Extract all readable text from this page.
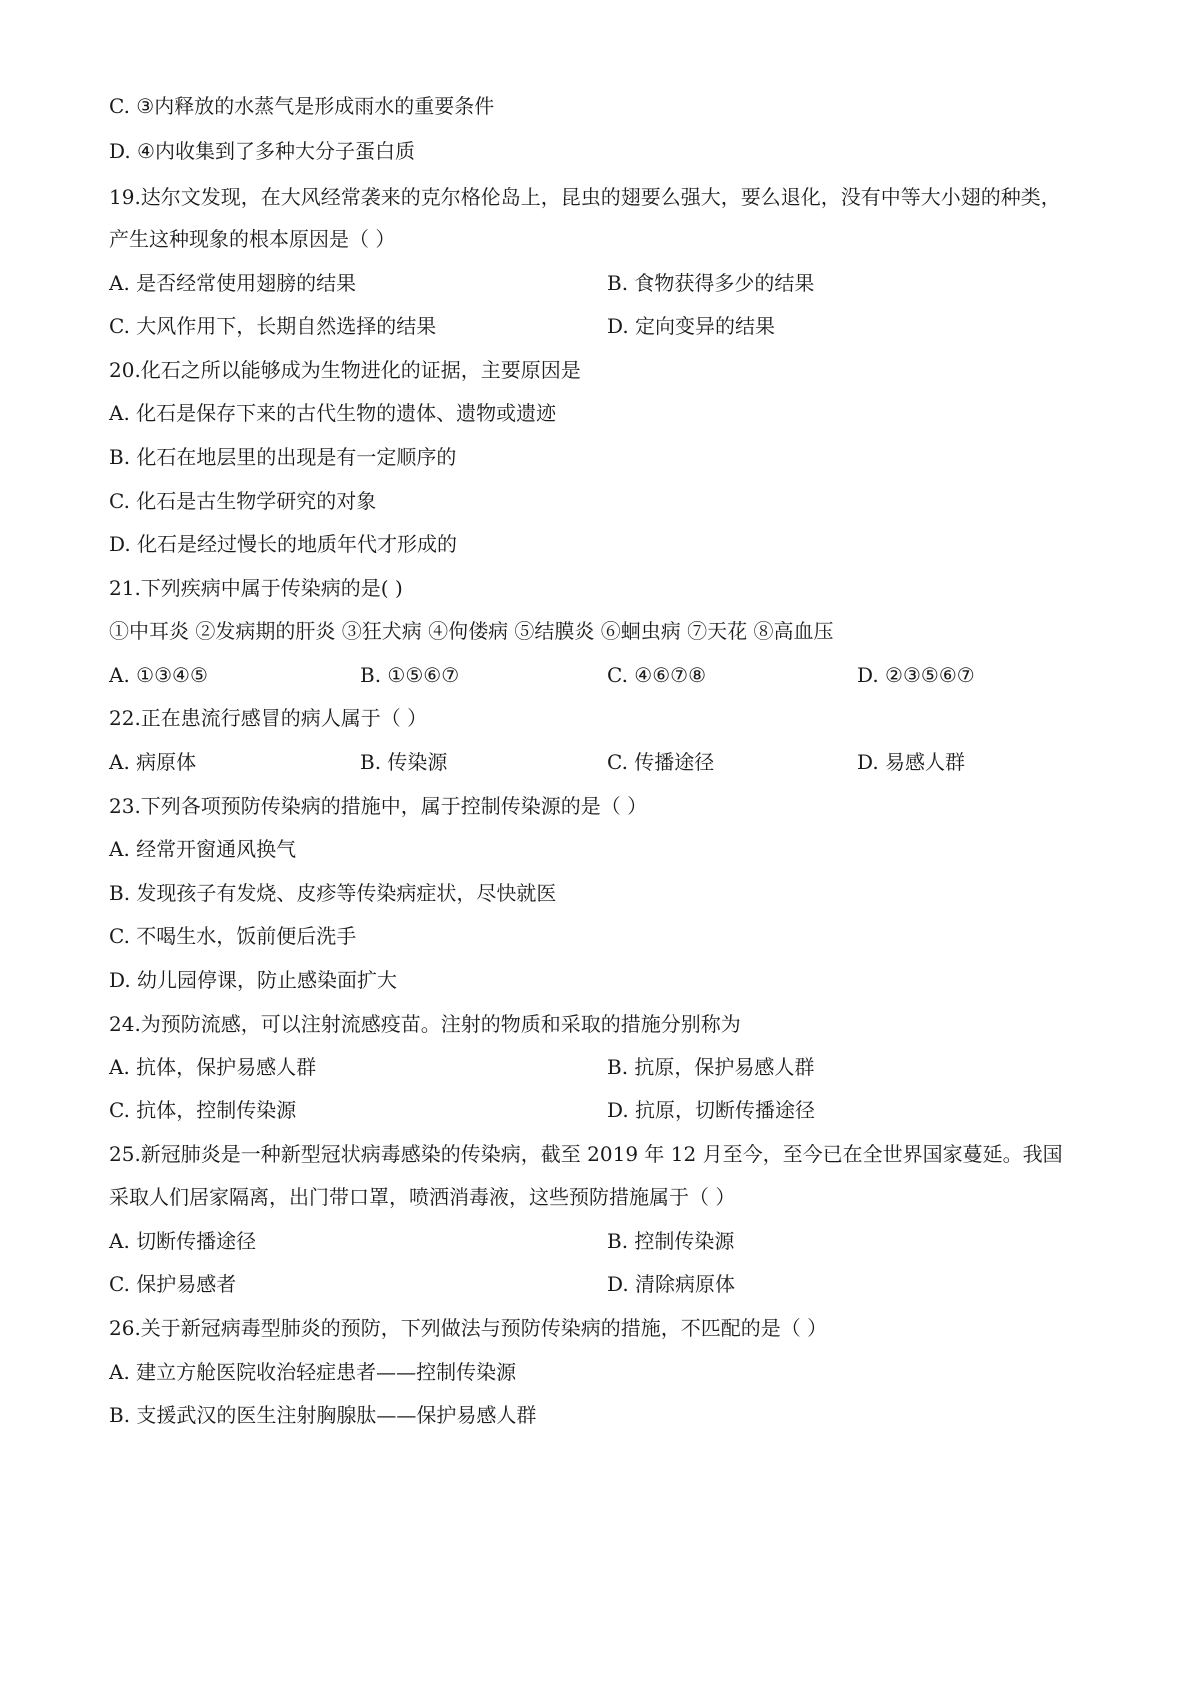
C. ③内释放的水蒸气是形成雨水的重要条件
D. ④内收集到了多种大分子蛋白质
19.达尔文发现，在大风经常袭来的克尔格伦岛上，昆虫的翅要么强大，要么退化，没有中等大小翅的种类，
产生这种现象的根本原因是（ ）
A. 是否经常使用翅膀的结果	B. 食物获得多少的结果
C. 大风作用下，长期自然选择的结果	D. 定向变异的结果
20.化石之所以能够成为生物进化的证据，主要原因是
A. 化石是保存下来的古代生物的遗体、遗物或遗迹
B. 化石在地层里的出现是有一定顺序的
C. 化石是古生物学研究的对象
D. 化石是经过慢长的地质年代才形成的
21.下列疾病中属于传染病的是( )
①中耳炎 ②发病期的肝炎 ③狂犬病 ④佝偻病 ⑤结膜炎 ⑥蛔虫病 ⑦天花 ⑧高血压
A. ①③④⑤	B. ①⑤⑥⑦	C. ④⑥⑦⑧	D. ②③⑤⑥⑦
22.正在患流行感冒的病人属于（ ）
A. 病原体	B. 传染源	C. 传播途径	D. 易感人群
23.下列各项预防传染病的措施中，属于控制传染源的是（ ）
A. 经常开窗通风换气
B. 发现孩子有发烧、皮疹等传染病症状，尽快就医
C. 不喝生水，饭前便后洗手
D. 幼儿园停课，防止感染面扩大
24.为预防流感，可以注射流感疫苗。注射的物质和采取的措施分别称为
A. 抗体，保护易感人群	B. 抗原，保护易感人群
C. 抗体，控制传染源	D. 抗原，切断传播途径
25.新冠肺炎是一种新型冠状病毒感染的传染病，截至 2019 年 12 月至今，至今已在全世界国家蔓延。我国
采取人们居家隔离，出门带口罩，喷洒消毒液，这些预防措施属于（ ）
A. 切断传播途径	B. 控制传染源
C. 保护易感者	D. 清除病原体
26.关于新冠病毒型肺炎的预防，下列做法与预防传染病的措施，不匹配的是（ ）
A. 建立方舱医院收治轻症患者——控制传染源
B. 支援武汉的医生注射胸腺肽——保护易感人群
